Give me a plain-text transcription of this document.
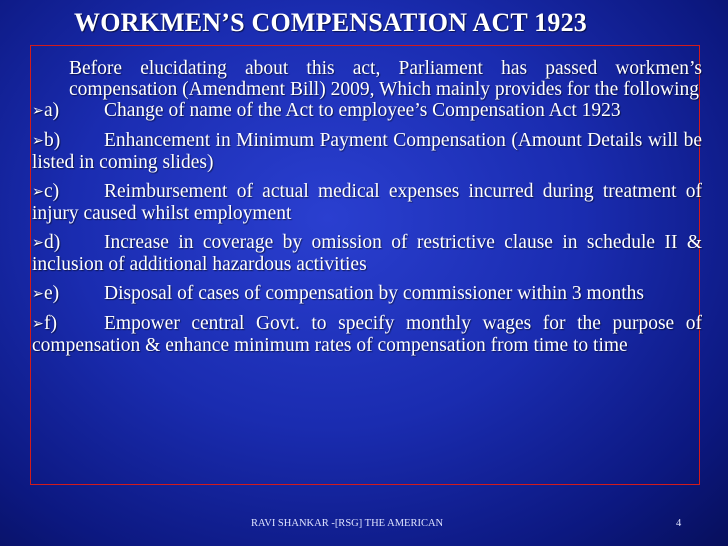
WORKMEN’S COMPENSATION ACT 1923
Before elucidating about this act, Parliament has passed workmen’s compensation (Amendment Bill) 2009, Which mainly provides for the following
➢a) Change of name of the Act to employee’s Compensation Act 1923
➢b) Enhancement in Minimum Payment Compensation (Amount Details will be listed in coming slides)
➢c) Reimbursement of actual medical expenses incurred during treatment of injury caused whilst employment
➢d) Increase in coverage by omission of restrictive clause in schedule II & inclusion of additional hazardous activities
➢e) Disposal of cases of compensation by commissioner within 3 months
➢f) Empower central Govt. to specify monthly wages for the purpose of compensation & enhance minimum rates of compensation from time to time
RAVI SHANKAR -[RSG] THE AMERICAN	4
